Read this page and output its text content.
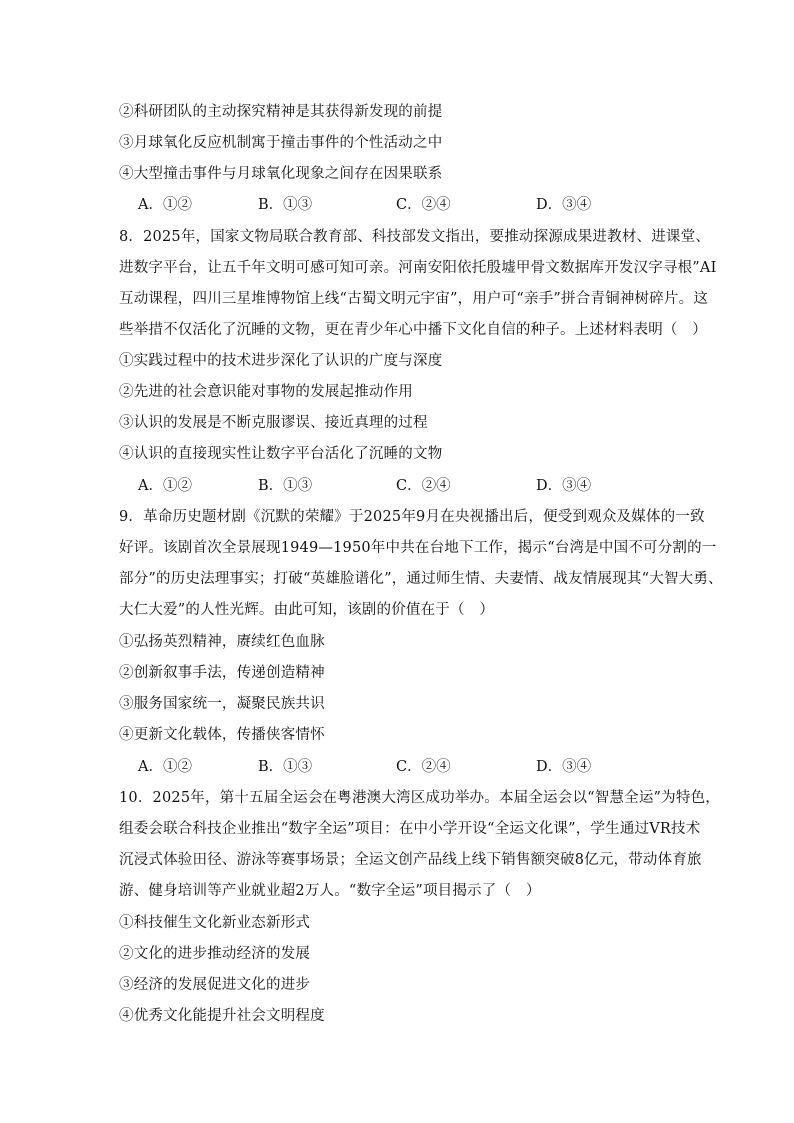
②科研团队的主动探究精神是其获得新发现的前提
③月球氧化反应机制寓于撞击事件的个性活动之中
④大型撞击事件与月球氧化现象之间存在因果联系
A．①②	B．①③	C．②④	D．③④
8．2025年，国家文物局联合教育部、科技部发文指出，要推动探源成果进教材、进课堂、
进数字平台，让五千年文明可感可知可亲。河南安阳依托殷墟甲骨文数据库开发汉字寻根”AI
互动课程，四川三星堆博物馆上线“古蜀文明元宇宙”，用户可“亲手”拼合青铜神树碎片。这
些举措不仅活化了沉睡的文物，更在青少年心中播下文化自信的种子。上述材料表明（　）
①实践过程中的技术进步深化了认识的广度与深度
②先进的社会意识能对事物的发展起推动作用
③认识的发展是不断克服谬误、接近真理的过程
④认识的直接现实性让数字平台活化了沉睡的文物
A．①②	B．①③	C．②④	D．③④
9．革命历史题材剧《沉默的荣耀》于2025年9月在央视播出后，便受到观众及媒体的一致
好评。该剧首次全景展现1949—1950年中共在台地下工作，揭示“台湾是中国不可分割的一
部分”的历史法理事实；打破“英雄脸谱化”，通过师生情、夫妻情、战友情展现其“大智大勇、
大仁大爱”的人性光辉。由此可知，该剧的价值在于（　）
①弘扬英烈精神，赓续红色血脉
②创新叙事手法，传递创造精神
③服务国家统一，凝聚民族共识
④更新文化载体，传播侠客情怀
A．①②	B．①③	C．②④	D．③④
10．2025年，第十五届全运会在粤港澳大湾区成功举办。本届全运会以“智慧全运”为特色，
组委会联合科技企业推出“数字全运”项目：在中小学开设“全运文化课”，学生通过VR技术
沉浸式体验田径、游泳等赛事场景；全运文创产品线上线下销售额突破8亿元，带动体育旅
游、健身培训等产业就业超2万人。“数字全运”项目揭示了（　）
①科技催生文化新业态新形式
②文化的进步推动经济的发展
③经济的发展促进文化的进步
④优秀文化能提升社会文明程度
